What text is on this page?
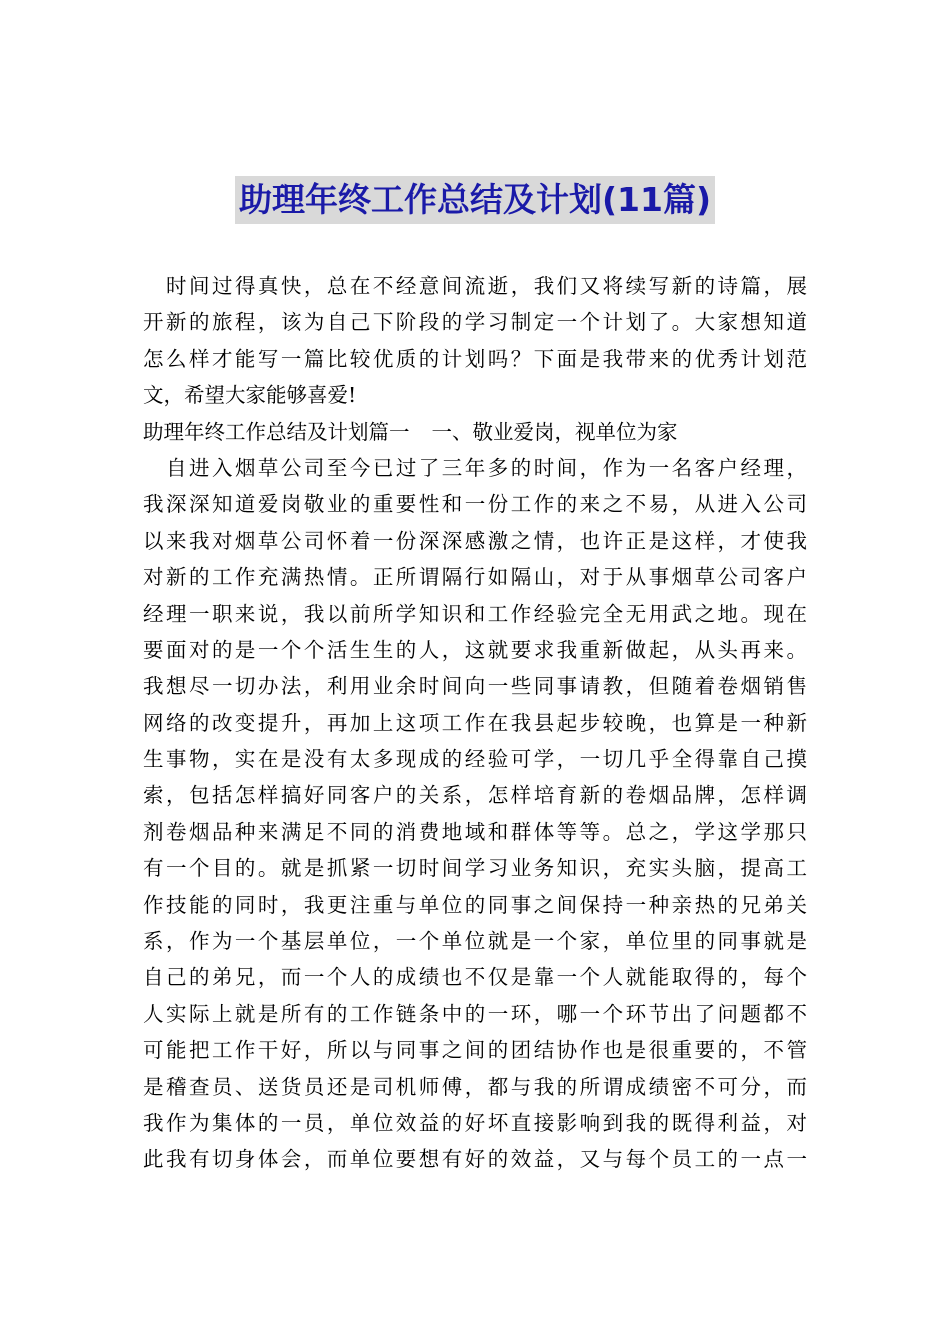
助理年终工作总结及计划(11篇)
时间过得真快，总在不经意间流逝，我们又将续写新的诗篇，展
开新的旅程，该为自己下阶段的学习制定一个计划了。大家想知道
怎么样才能写一篇比较优质的计划吗？下面是我带来的优秀计划范
文，希望大家能够喜爱!
助理年终工作总结及计划篇一 一、敬业爱岗，视单位为家
自进入烟草公司至今已过了三年多的时间，作为一名客户经理，
我深深知道爱岗敬业的重要性和一份工作的来之不易，从进入公司
以来我对烟草公司怀着一份深深感激之情，也许正是这样，才使我
对新的工作充满热情。正所谓隔行如隔山，对于从事烟草公司客户
经理一职来说，我以前所学知识和工作经验完全无用武之地。现在
要面对的是一个个活生生的人，这就要求我重新做起，从头再来。
我想尽一切办法，利用业余时间向一些同事请教，但随着卷烟销售
网络的改变提升，再加上这项工作在我县起步较晚，也算是一种新
生事物，实在是没有太多现成的经验可学，一切几乎全得靠自己摸
索，包括怎样搞好同客户的关系，怎样培育新的卷烟品牌，怎样调
剂卷烟品种来满足不同的消费地域和群体等等。总之，学这学那只
有一个目的。就是抓紧一切时间学习业务知识，充实头脑，提高工
作技能的同时，我更注重与单位的同事之间保持一种亲热的兄弟关
系，作为一个基层单位，一个单位就是一个家，单位里的同事就是
自己的弟兄，而一个人的成绩也不仅是靠一个人就能取得的，每个
人实际上就是所有的工作链条中的一环，哪一个环节出了问题都不
可能把工作干好，所以与同事之间的团结协作也是很重要的，不管
是稽查员、送货员还是司机师傅，都与我的所谓成绩密不可分，而
我作为集体的一员，单位效益的好坏直接影响到我的既得利益，对
此我有切身体会，而单位要想有好的效益，又与每个员工的一点一
